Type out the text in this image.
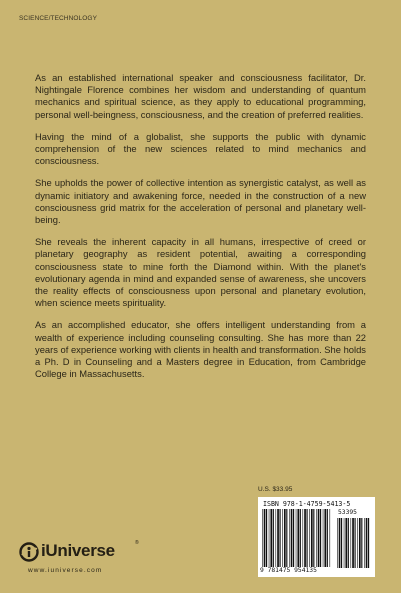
SCIENCE/TECHNOLOGY

As an established international speaker and consciousness facilitator, Dr. Nightingale Florence combines her wisdom and understanding of quantum mechanics and spiritual science, as they apply to educational programming, personal well-beingness, consciousness, and the creation of preferred realities.

Having the mind of a globalist, she supports the public with dynamic comprehension of the new sciences related to mind mechanics and consciousness.

She upholds the power of collective intention as synergistic catalyst, as well as dynamic initiatory and awakening force, needed in the construction of a new consciousness grid matrix for the acceleration of personal and planetary well-being.

She reveals the inherent capacity in all humans, irrespective of creed or planetary geography as resident potential, awaiting a corresponding consciousness state to mine forth the Diamond within. With the planet's evolutionary agenda in mind and expanded sense of awareness, she uncovers the reality effects of consciousness upon personal and planetary evolution, when science meets spirituality.

As an accomplished educator, she offers intelligent understanding from a wealth of experience including counseling consulting. She has more than 22 years of experience working with clients in health and transformation. She holds a Ph. D in Counseling and a Masters degree in Education, from Cambridge College in Massachusetts.

iUniverse	®
www.iuniverse.com
U.S. $33.95
ISBN 978-1-4759-5413-5
53395
9 781475 954135
